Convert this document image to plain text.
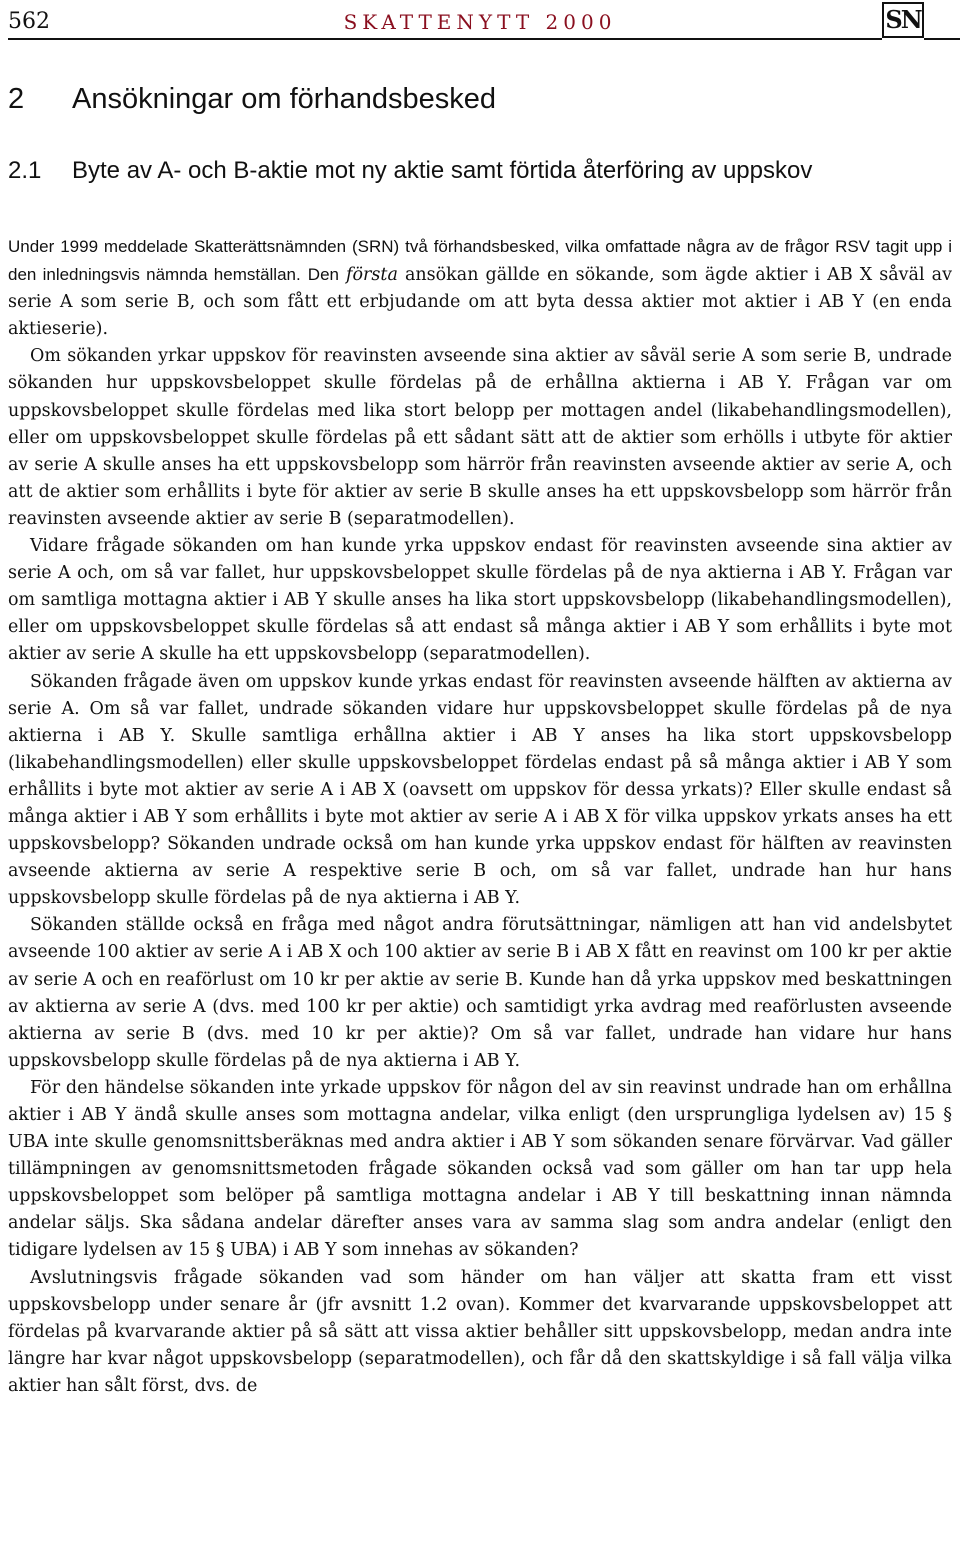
562	SKATTENYTT 2000	SN
2 Ansökningar om förhandsbesked
2.1 Byte av A- och B-aktie mot ny aktie samt förtida återföring av uppskov

Under 1999 meddelade Skatterättsnämnden (SRN) två förhandsbesked, vilka omfattade några av de frågor RSV tagit upp i den inledningsvis nämnda hemställan. Den första ansökan gällde en sökande, som ägde aktier i AB X såväl av serie A som serie B, och som fått ett erbjudande om att byta dessa aktier mot aktier i AB Y (en enda aktieserie).

Om sökanden yrkar uppskov för reavinsten avseende sina aktier av såväl serie A som serie B, undrade sökanden hur uppskovsbeloppet skulle fördelas på de erhållna aktierna i AB Y. Frågan var om uppskovsbeloppet skulle fördelas med lika stort belopp per mottagen andel (likabehandlingsmodellen), eller om uppskovsbeloppet skulle fördelas på ett sådant sätt att de aktier som erhölls i utbyte för aktier av serie A skulle anses ha ett uppskovsbelopp som härrör från reavinsten avseende aktier av serie A, och att de aktier som erhållits i byte för aktier av serie B skulle anses ha ett uppskovsbelopp som härrör från reavinsten avseende aktier av serie B (separatmodellen).

Vidare frågade sökanden om han kunde yrka uppskov endast för reavinsten avseende sina aktier av serie A och, om så var fallet, hur uppskovsbeloppet skulle fördelas på de nya aktierna i AB Y. Frågan var om samtliga mottagna aktier i AB Y skulle anses ha lika stort uppskovsbelopp (likabehandlingsmodellen), eller om uppskovsbeloppet skulle fördelas så att endast så många aktier i AB Y som erhållits i byte mot aktier av serie A skulle ha ett uppskovsbelopp (separatmodellen).

Sökanden frågade även om uppskov kunde yrkas endast för reavinsten avseende hälften av aktierna av serie A. Om så var fallet, undrade sökanden vidare hur uppskovsbeloppet skulle fördelas på de nya aktierna i AB Y. Skulle samtliga erhållna aktier i AB Y anses ha lika stort uppskovsbelopp (likabehandlingsmodellen) eller skulle uppskovsbeloppet fördelas endast på så många aktier i AB Y som erhållits i byte mot aktier av serie A i AB X (oavsett om uppskov för dessa yrkats)? Eller skulle endast så många aktier i AB Y som erhållits i byte mot aktier av serie A i AB X för vilka uppskov yrkats anses ha ett uppskovsbelopp? Sökanden undrade också om han kunde yrka uppskov endast för hälften av reavinsten avseende aktierna av serie A respektive serie B och, om så var fallet, undrade han hur hans uppskovsbelopp skulle fördelas på de nya aktierna i AB Y.

Sökanden ställde också en fråga med något andra förutsättningar, nämligen att han vid andelsbytet avseende 100 aktier av serie A i AB X och 100 aktier av serie B i AB X fått en reavinst om 100 kr per aktie av serie A och en reaförlust om 10 kr per aktie av serie B. Kunde han då yrka uppskov med beskattningen av aktierna av serie A (dvs. med 100 kr per aktie) och samtidigt yrka avdrag med reaförlusten avseende aktierna av serie B (dvs. med 10 kr per aktie)? Om så var fallet, undrade han vidare hur hans uppskovsbelopp skulle fördelas på de nya aktierna i AB Y.

För den händelse sökanden inte yrkade uppskov för någon del av sin reavinst undrade han om erhållna aktier i AB Y ändå skulle anses som mottagna andelar, vilka enligt (den ursprungliga lydelsen av) 15 § UBA inte skulle genomsnittsberäknas med andra aktier i AB Y som sökanden senare förvärvar. Vad gäller tillämpningen av genomsnittsmetoden frågade sökanden också vad som gäller om han tar upp hela uppskovsbeloppet som belöper på samtliga mottagna andelar i AB Y till beskattning innan nämnda andelar säljs. Ska sådana andelar därefter anses vara av samma slag som andra andelar (enligt den tidigare lydelsen av 15 § UBA) i AB Y som innehas av sökanden?

Avslutningsvis frågade sökanden vad som händer om han väljer att skatta fram ett visst uppskovsbelopp under senare år (jfr avsnitt 1.2 ovan). Kommer det kvarvarande uppskovsbeloppet att fördelas på kvarvarande aktier på så sätt att vissa aktier behåller sitt uppskovsbelopp, medan andra inte längre har kvar något uppskovsbelopp (separatmodellen), och får då den skattskyldige i så fall välja vilka aktier han sålt först, dvs. de
